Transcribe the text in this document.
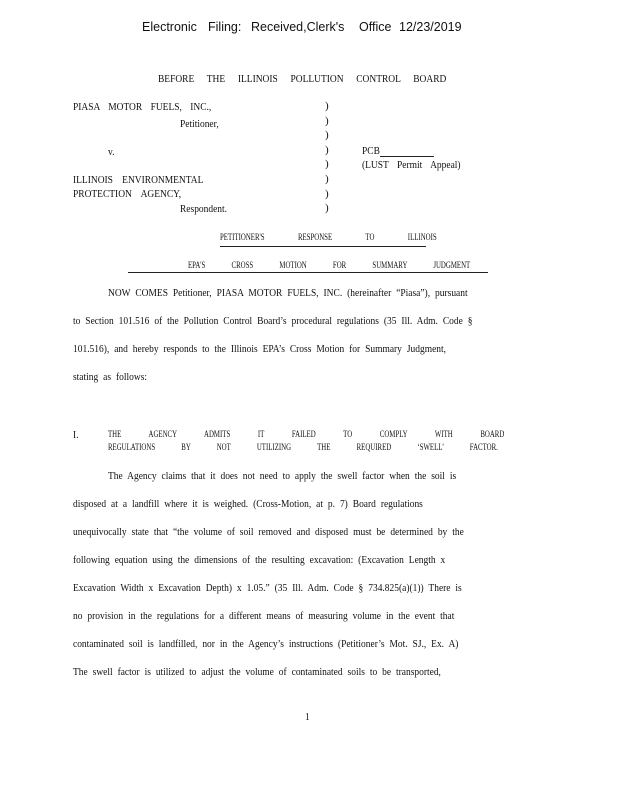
Electronic Filing: Received,Clerk's Office 12/23/2019
BEFORE THE ILLINOIS POLLUTION CONTROL BOARD
PIASA MOTOR FUELS, INC.,
Petitioner,
v.
ILLINOIS ENVIRONMENTAL
PROTECTION AGENCY,
Respondent.
)
)
)
)
)
)
)
)
PCB
(LUST Permit Appeal)
PETITIONER'S RESPONSE TO ILLINOIS
EPA'S CROSS MOTION FOR SUMMARY JUDGMENT
NOW COMES Petitioner, PIASA MOTOR FUELS, INC. (hereinafter “Piasa”), pursuant
to Section 101.516 of the Pollution Control Board’s procedural regulations (35 Ill. Adm. Code §
101.516), and hereby responds to the Illinois EPA’s Cross Motion for Summary Judgment,
stating as follows:
I.	THE AGENCY ADMITS IT FAILED TO COMPLY WITH BOARD
REGULATIONS BY NOT UTILIZING THE REQUIRED ‘SWELL’ FACTOR.
The Agency claims that it does not need to apply the swell factor when the soil is
disposed at a landfill where it is weighed. (Cross-Motion, at p. 7) Board regulations
unequivocally state that “the volume of soil removed and disposed must be determined by the
following equation using the dimensions of the resulting excavation: (Excavation Length x
Excavation Width x Excavation Depth) x 1.05.” (35 Ill. Adm. Code § 734.825(a)(1)) There is
no provision in the regulations for a different means of measuring volume in the event that
contaminated soil is landfilled, nor in the Agency’s instructions (Petitioner’s Mot. SJ., Ex. A)
The swell factor is utilized to adjust the volume of contaminated soils to be transported,
1
